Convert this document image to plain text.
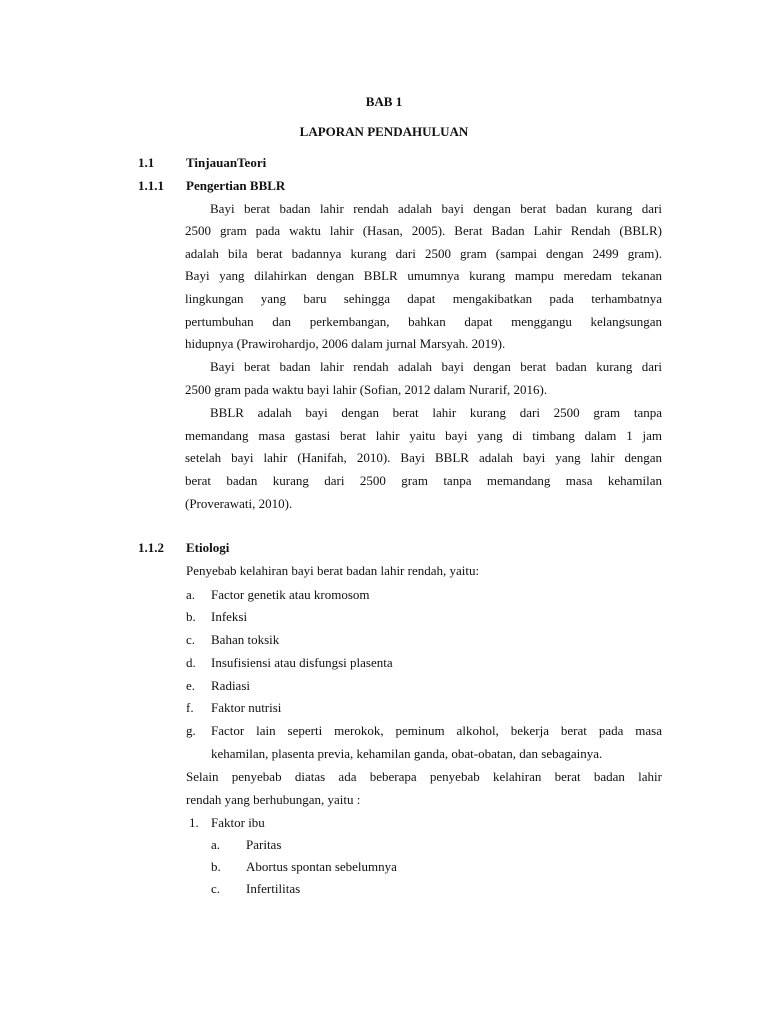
BAB 1
LAPORAN PENDAHULUAN
1.1 TinjauanTeori
1.1.1 Pengertian BBLR
Bayi berat badan lahir rendah adalah bayi dengan berat badan kurang dari
2500 gram pada waktu lahir (Hasan, 2005). Berat Badan Lahir Rendah (BBLR)
adalah bila berat badannya kurang dari 2500 gram (sampai dengan 2499 gram).
Bayi yang dilahirkan dengan BBLR umumnya kurang mampu meredam tekanan
lingkungan yang baru sehingga dapat mengakibatkan pada terhambatnya
pertumbuhan dan perkembangan, bahkan dapat menggangu kelangsungan
hidupnya (Prawirohardjo, 2006 dalam jurnal Marsyah. 2019).
Bayi berat badan lahir rendah adalah bayi dengan berat badan kurang dari
2500 gram pada waktu bayi lahir (Sofian, 2012 dalam Nurarif, 2016).
BBLR adalah bayi dengan berat lahir kurang dari 2500 gram tanpa
memandang masa gastasi berat lahir yaitu bayi yang di timbang dalam 1 jam
setelah bayi lahir (Hanifah, 2010). Bayi BBLR adalah bayi yang lahir dengan
berat badan kurang dari 2500 gram tanpa memandang masa kehamilan
(Proverawati, 2010).
1.1.2 Etiologi
Penyebab kelahiran bayi berat badan lahir rendah, yaitu:
a. Factor genetik atau kromosom
b. Infeksi
c. Bahan toksik
d. Insufisiensi atau disfungsi plasenta
e. Radiasi
f. Faktor nutrisi
g. Factor lain seperti merokok, peminum alkohol, bekerja berat pada masa
kehamilan, plasenta previa, kehamilan ganda, obat-obatan, dan sebagainya.
Selain penyebab diatas ada beberapa penyebab kelahiran berat badan lahir
rendah yang berhubungan, yaitu :
1. Faktor ibu
a. Paritas
b. Abortus spontan sebelumnya
c. Infertilitas
